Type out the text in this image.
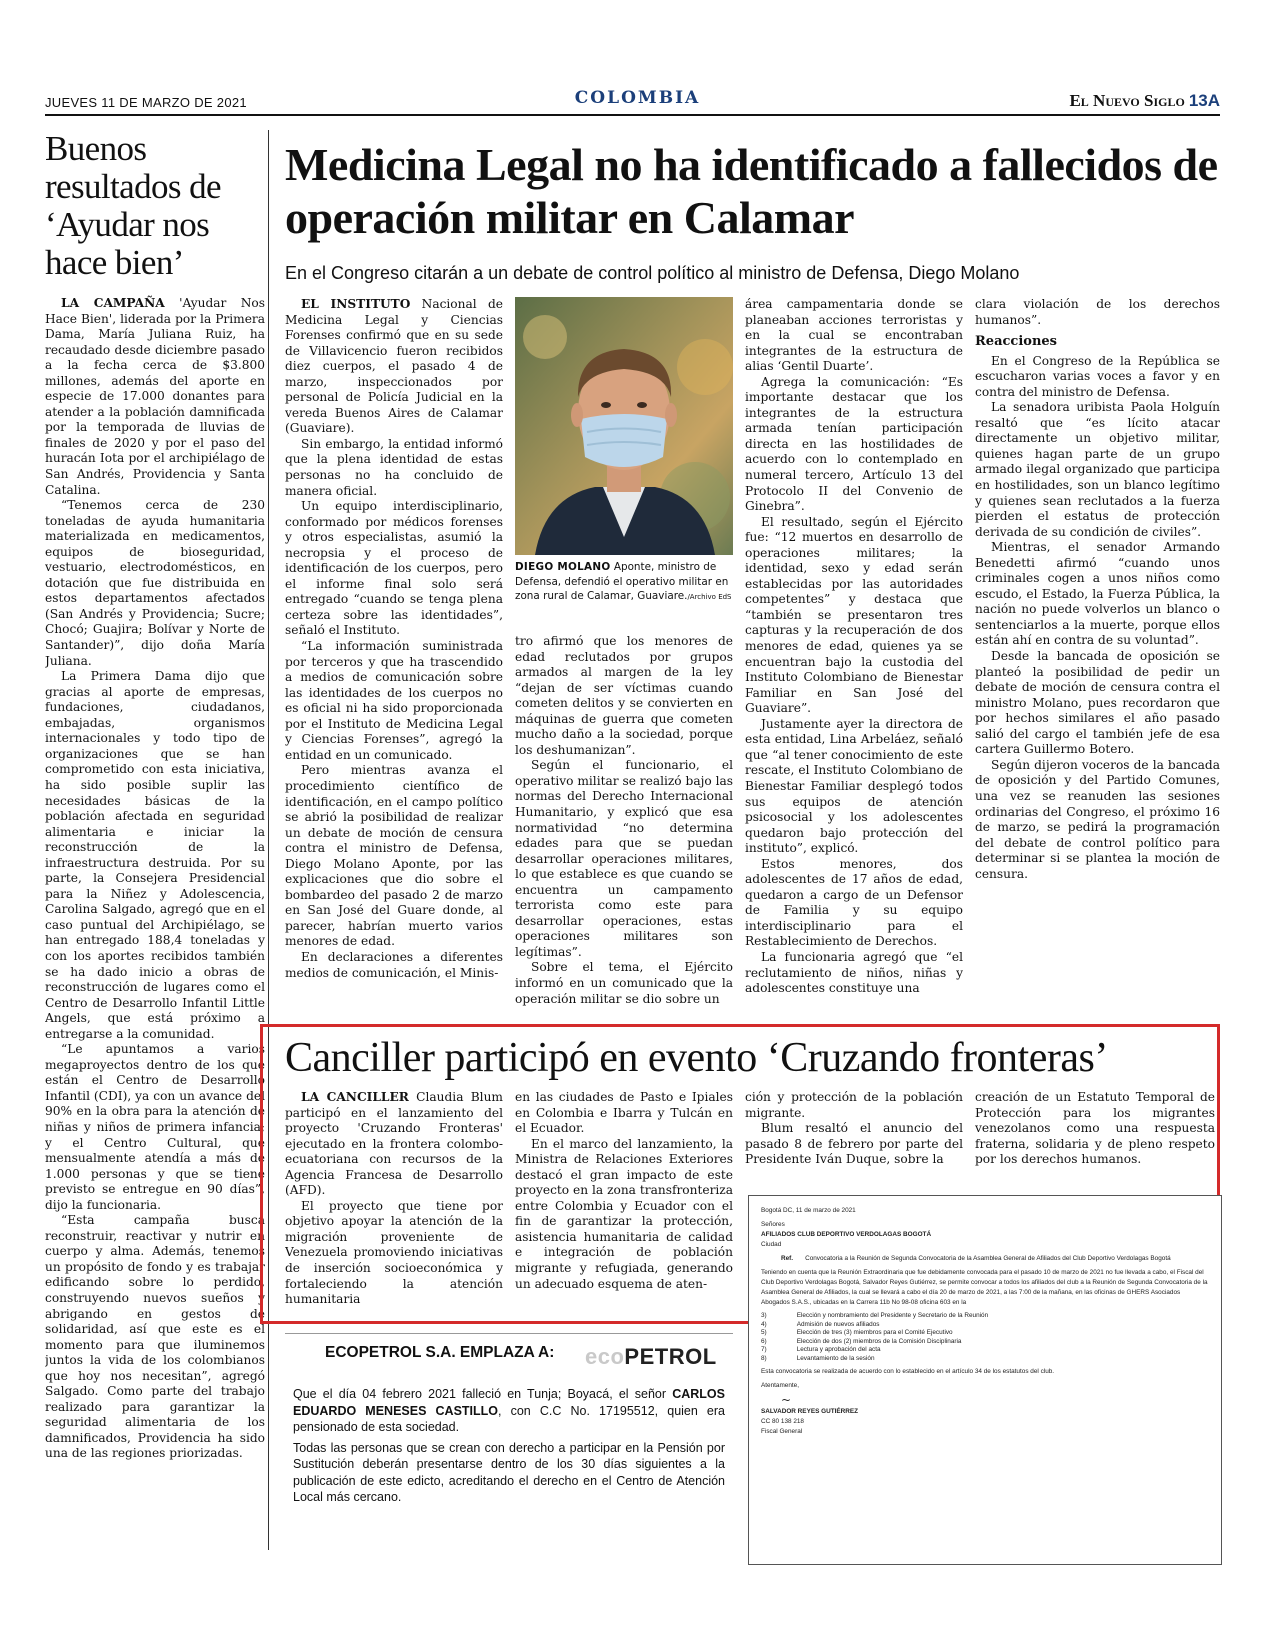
JUEVES 11 DE MARZO DE 2021	COLOMBIA	El Nuevo Siglo 13A
Buenos resultados de ‘Ayudar nos hace bien’

LA CAMPAÑA 'Ayudar Nos Hace Bien', liderada por la Primera Dama, María Juliana Ruiz, ha recaudado desde diciembre pasado a la fecha cerca de $3.800 millones, además del aporte en especie de 17.000 donantes para atender a la población damnificada por la temporada de lluvias de finales de 2020 y por el paso del huracán Iota por el archipiélago de San Andrés, Providencia y Santa Catalina.

“Tenemos cerca de 230 toneladas de ayuda humanitaria materializada en medicamentos, equipos de bioseguridad, vestuario, electrodomésticos, en dotación que fue distribuida en estos departamentos afectados (San Andrés y Providencia; Sucre; Chocó; Guajira; Bolívar y Norte de Santander)”, dijo doña María Juliana.

La Primera Dama dijo que gracias al aporte de empresas, fundaciones, ciudadanos, embajadas, organismos internacionales y todo tipo de organizaciones que se han comprometido con esta iniciativa, ha sido posible suplir las necesidades básicas de la población afectada en seguridad alimentaria e iniciar la reconstrucción de la infraestructura destruida. Por su parte, la Consejera Presidencial para la Niñez y Adolescencia, Carolina Salgado, agregó que en el caso puntual del Archipiélago, se han entregado 188,4 toneladas y con los aportes recibidos también se ha dado inicio a obras de reconstrucción de lugares como el Centro de Desarrollo Infantil Little Angels, que está próximo a entregarse a la comunidad.

“Le apuntamos a varios megaproyectos dentro de los que están el Centro de Desarrollo Infantil (CDI), ya con un avance del 90% en la obra para la atención de niñas y niños de primera infancia; y el Centro Cultural, que mensualmente atendía a más de 1.000 personas y que se tiene previsto se entregue en 90 días”, dijo la funcionaria.

“Esta campaña busca reconstruir, reactivar y nutrir en cuerpo y alma. Además, tenemos un propósito de fondo y es trabajar edificando sobre lo perdido, construyendo nuevos sueños y abrigando en gestos de solidaridad, así que este es el momento para que iluminemos juntos la vida de los colombianos que hoy nos necesitan”, agregó Salgado. Como parte del trabajo realizado para garantizar la seguridad alimentaria de los damnificados, Providencia ha sido una de las regiones priorizadas.

Medicina Legal no ha identificado a fallecidos de operación militar en Calamar
En el Congreso citarán a un debate de control político al ministro de Defensa, Diego Molano

EL INSTITUTO Nacional de Medicina Legal y Ciencias Forenses confirmó que en su sede de Villavicencio fueron recibidos diez cuerpos, el pasado 4 de marzo, inspeccionados por personal de Policía Judicial en la vereda Buenos Aires de Calamar (Guaviare).

Sin embargo, la entidad informó que la plena identidad de estas personas no ha concluido de manera oficial.

Un equipo interdisciplinario, conformado por médicos forenses y otros especialistas, asumió la necropsia y el proceso de identificación de los cuerpos, pero el informe final solo será entregado “cuando se tenga plena certeza sobre las identidades”, señaló el Instituto.

“La información suministrada por terceros y que ha trascendido a medios de comunicación sobre las identidades de los cuerpos no es oficial ni ha sido proporcionada por el Instituto de Medicina Legal y Ciencias Forenses”, agregó la entidad en un comunicado.

Pero mientras avanza el procedimiento científico de identificación, en el campo político se abrió la posibilidad de realizar un debate de moción de censura contra el ministro de Defensa, Diego Molano Aponte, por las explicaciones que dio sobre el bombardeo del pasado 2 de marzo en San José del Guare donde, al parecer, habrían muerto varios menores de edad.

En declaraciones a diferentes medios de comunicación, el Minis-

DIEGO MOLANO Aponte, ministro de Defensa, defendió el operativo militar en zona rural de Calamar, Guaviare./Archivo EdS

tro afirmó que los menores de edad reclutados por grupos armados al margen de la ley “dejan de ser víctimas cuando cometen delitos y se convierten en máquinas de guerra que cometen mucho daño a la sociedad, porque los deshumanizan”.

Según el funcionario, el operativo militar se realizó bajo las normas del Derecho Internacional Humanitario, y explicó que esa normatividad “no determina edades para que se puedan desarrollar operaciones militares, lo que establece es que cuando se encuentra un campamento terrorista como este para desarrollar operaciones, estas operaciones militares son legítimas”.

Sobre el tema, el Ejército informó en un comunicado que la operación militar se dio sobre un

área campamentaria donde se planeaban acciones terroristas y en la cual se encontraban integrantes de la estructura de alias ‘Gentil Duarte’.

Agrega la comunicación: “Es importante destacar que los integrantes de la estructura armada tenían participación directa en las hostilidades de acuerdo con lo contemplado en numeral tercero, Artículo 13 del Protocolo II del Convenio de Ginebra”.

El resultado, según el Ejército fue: “12 muertos en desarrollo de operaciones militares; la identidad, sexo y edad serán establecidas por las autoridades competentes” y destaca que “también se presentaron tres capturas y la recuperación de dos menores de edad, quienes ya se encuentran bajo la custodia del Instituto Colombiano de Bienestar Familiar en San José del Guaviare”.

Justamente ayer la directora de esta entidad, Lina Arbeláez, señaló que “al tener conocimiento de este rescate, el Instituto Colombiano de Bienestar Familiar desplegó todos sus equipos de atención psicosocial y los adolescentes quedaron bajo protección del instituto”, explicó.

Estos menores, dos adolescentes de 17 años de edad, quedaron a cargo de un Defensor de Familia y su equipo interdisciplinario para el Restablecimiento de Derechos.

La funcionaria agregó que “el reclutamiento de niños, niñas y adolescentes constituye una

clara violación de los derechos humanos”.

Reacciones

En el Congreso de la República se escucharon varias voces a favor y en contra del ministro de Defensa.

La senadora uribista Paola Holguín resaltó que “es lícito atacar directamente un objetivo militar, quienes hagan parte de un grupo armado ilegal organizado que participa en hostilidades, son un blanco legítimo y quienes sean reclutados a la fuerza pierden el estatus de protección derivada de su condición de civiles”.

Mientras, el senador Armando Benedetti afirmó “cuando unos criminales cogen a unos niños como escudo, el Estado, la Fuerza Pública, la nación no puede volverlos un blanco o sentenciarlos a la muerte, porque ellos están ahí en contra de su voluntad”.

Desde la bancada de oposición se planteó la posibilidad de pedir un debate de moción de censura contra el ministro Molano, pues recordaron que por hechos similares el año pasado salió del cargo el también jefe de esa cartera Guillermo Botero.

Según dijeron voceros de la bancada de oposición y del Partido Comunes, una vez se reanuden las sesiones ordinarias del Congreso, el próximo 16 de marzo, se pedirá la programación del debate de control político para determinar si se plantea la moción de censura.

Canciller participó en evento ‘Cruzando fronteras’

LA CANCILLER Claudia Blum participó en el lanzamiento del proyecto 'Cruzando Fronteras' ejecutado en la frontera colombo-ecuatoriana con recursos de la Agencia Francesa de Desarrollo (AFD).

El proyecto que tiene por objetivo apoyar la atención de la migración proveniente de Venezuela promoviendo iniciativas de inserción socioeconómica y fortaleciendo la atención humanitaria

en las ciudades de Pasto e Ipiales en Colombia e Ibarra y Tulcán en el Ecuador.

En el marco del lanzamiento, la Ministra de Relaciones Exteriores destacó el gran impacto de este proyecto en la zona transfronteriza entre Colombia y Ecuador con el fin de garantizar la protección, asistencia humanitaria de calidad e integración de población migrante y refugiada, generando un adecuado esquema de aten-

ción y protección de la población migrante.

Blum resaltó el anuncio del pasado 8 de febrero por parte del Presidente Iván Duque, sobre la

creación de un Estatuto Temporal de Protección para los migrantes venezolanos como una respuesta fraterna, solidaria y de pleno respeto por los derechos humanos.

Bogotá DC, 11 de marzo de 2021
Señores
AFILIADOS CLUB DEPORTIVO VERDOLAGAS BOGOTÁ
Ciudad
Ref. Convocatoria a la Reunión de Segunda Convocatoria de la Asamblea General de Afiliados del Club Deportivo Verdolagas Bogotá
Teniendo en cuenta que la Reunión Extraordinaria que fue debidamente convocada para el pasado 10 de marzo de 2021 no fue llevada a cabo, el Fiscal del Club Deportivo Verdolagas Bogotá, Salvador Reyes Gutiérrez, se permite convocar a todos los afiliados del club a la Reunión de Segunda Convocatoria de la Asamblea General de Afiliados, la cual se llevará a cabo el día 20 de marzo de 2021, a las 7:00 de la mañana, en las oficinas de GHERS Asociados Abogados S.A.S., ubicadas en la Carrera 11b No 98-08 oficina 603 en la
3)	Elección y nombramiento del Presidente y Secretario de la Reunión
4)	Admisión de nuevos afiliados
5)	Elección de tres (3) miembros para el Comité Ejecutivo
6)	Elección de dos (2) miembros de la Comisión Disciplinaria
7)	Lectura y aprobación del acta
8)	Levantamiento de la sesión
Esta convocatoria se realizada de acuerdo con lo establecido en el artículo 34 de los estatutos del club.
Atentamente,
~
SALVADOR REYES GUTIÉRREZ
CC 80 138 218
Fiscal General
ECOPETROL S.A. EMPLAZA A: ecoPETROL

Que el día 04 febrero 2021 falleció en Tunja; Boyacá, el señor CARLOS EDUARDO MENESES CASTILLO, con C.C No. 17195512, quien era pensionado de esta sociedad.

Todas las personas que se crean con derecho a participar en la Pensión por Sustitución deberán presentarse dentro de los 30 días siguientes a la publicación de este edicto, acreditando el derecho en el Centro de Atención Local más cercano.
